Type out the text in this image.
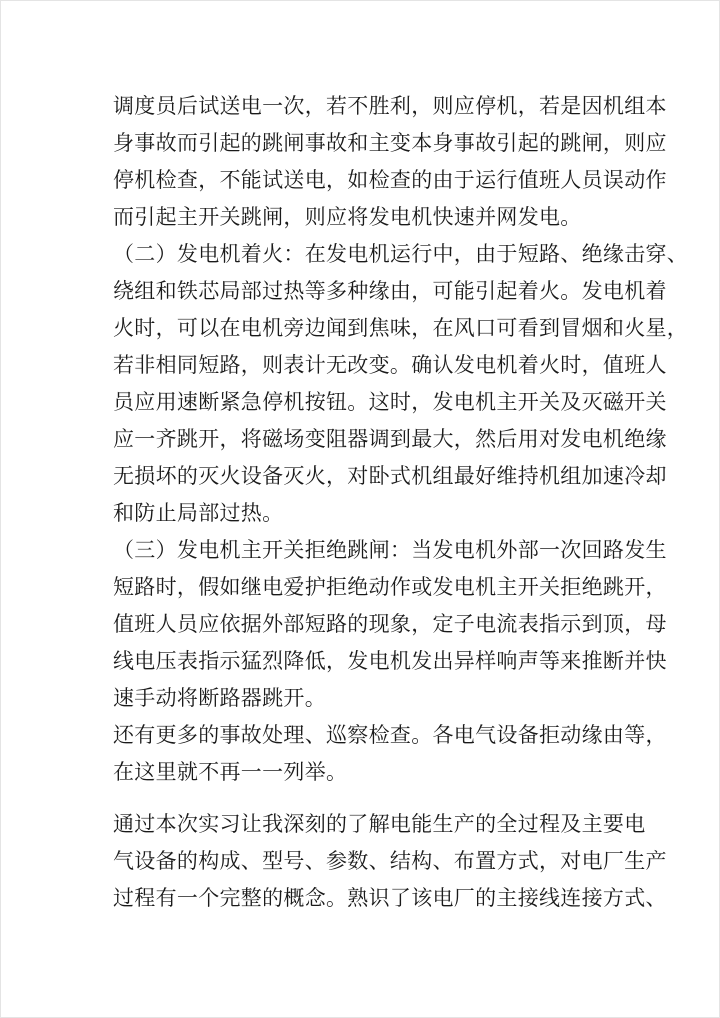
调度员后试送电一次，若不胜利，则应停机，若是因机组本
身事故而引起的跳闸事故和主变本身事故引起的跳闸，则应
停机检查，不能试送电，如检查的由于运行值班人员误动作
而引起主开关跳闸，则应将发电机快速并网发电。
（二）发电机着火：在发电机运行中，由于短路、绝缘击穿、
绕组和铁芯局部过热等多种缘由，可能引起着火。发电机着
火时，可以在电机旁边闻到焦味，在风口可看到冒烟和火星，
若非相同短路，则表计无改变。确认发电机着火时，值班人
员应用速断紧急停机按钮。这时，发电机主开关及灭磁开关
应一齐跳开，将磁场变阻器调到最大，然后用对发电机绝缘
无损坏的灭火设备灭火，对卧式机组最好维持机组加速冷却
和防止局部过热。
（三）发电机主开关拒绝跳闸：当发电机外部一次回路发生
短路时，假如继电爱护拒绝动作或发电机主开关拒绝跳开，
值班人员应依据外部短路的现象，定子电流表指示到顶，母
线电压表指示猛烈降低，发电机发出异样响声等来推断并快
速手动将断路器跳开。
还有更多的事故处理、巡察检查。各电气设备拒动缘由等，
在这里就不再一一列举。
通过本次实习让我深刻的了解电能生产的全过程及主要电
气设备的构成、型号、参数、结构、布置方式，对电厂生产
过程有一个完整的概念。熟识了该电厂的主接线连接方式、
